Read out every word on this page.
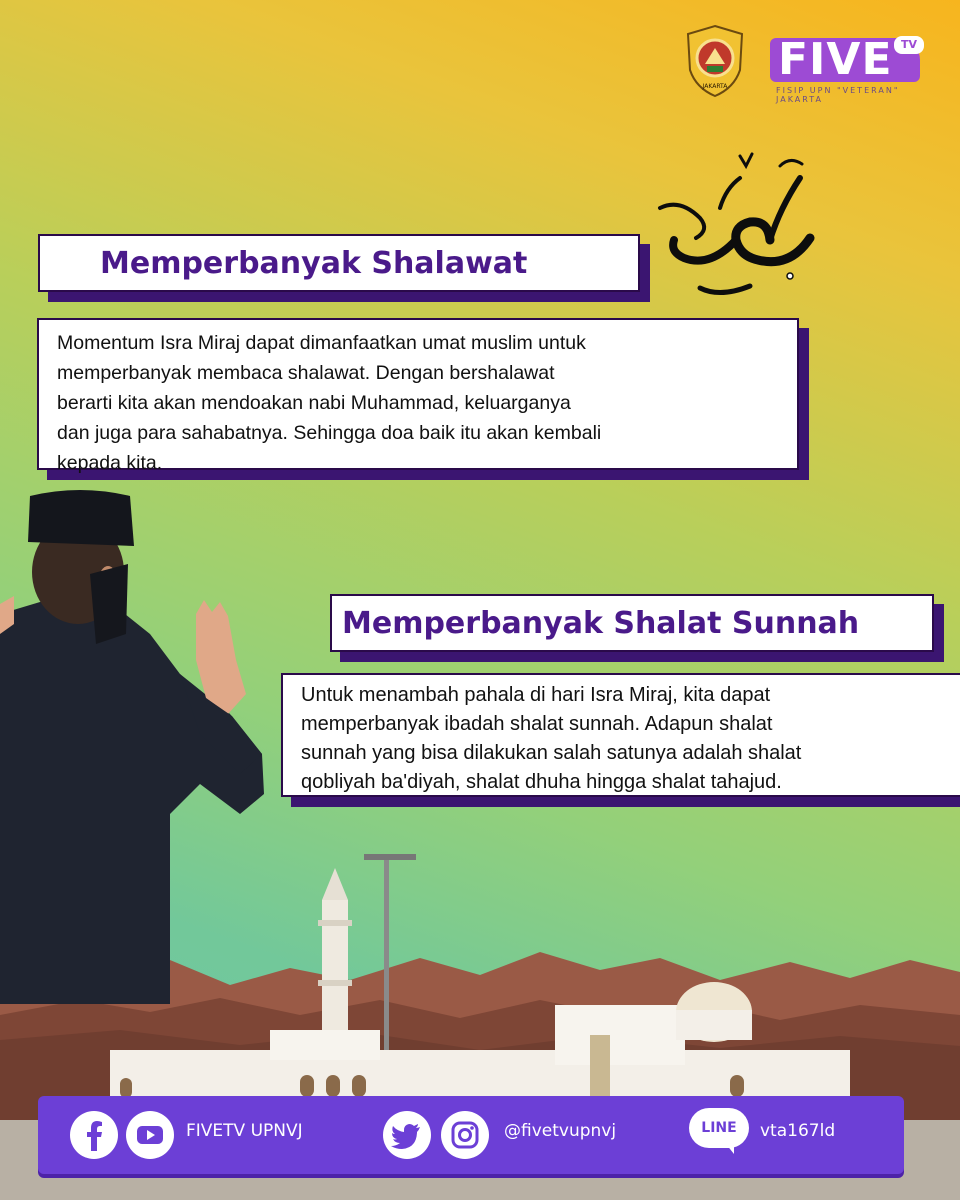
JAKARTA
FIVE TV
FISIP UPN "VETERAN" JAKARTA
Memperbanyak Shalawat
Momentum Isra Miraj dapat dimanfaatkan umat muslim untuk
memperbanyak membaca shalawat. Dengan bershalawat
berarti kita akan mendoakan nabi Muhammad, keluarganya
dan juga para sahabatnya. Sehingga doa baik itu akan kembali
kepada kita.
Memperbanyak Shalat Sunnah
Untuk menambah pahala di hari Isra Miraj, kita dapat
memperbanyak ibadah shalat sunnah. Adapun shalat
sunnah yang bisa dilakukan salah satunya adalah shalat
qobliyah ba'diyah, shalat dhuha hingga shalat tahajud.
FIVETV UPNVJ	@fivetvupnvj	LINE	vta167ld
